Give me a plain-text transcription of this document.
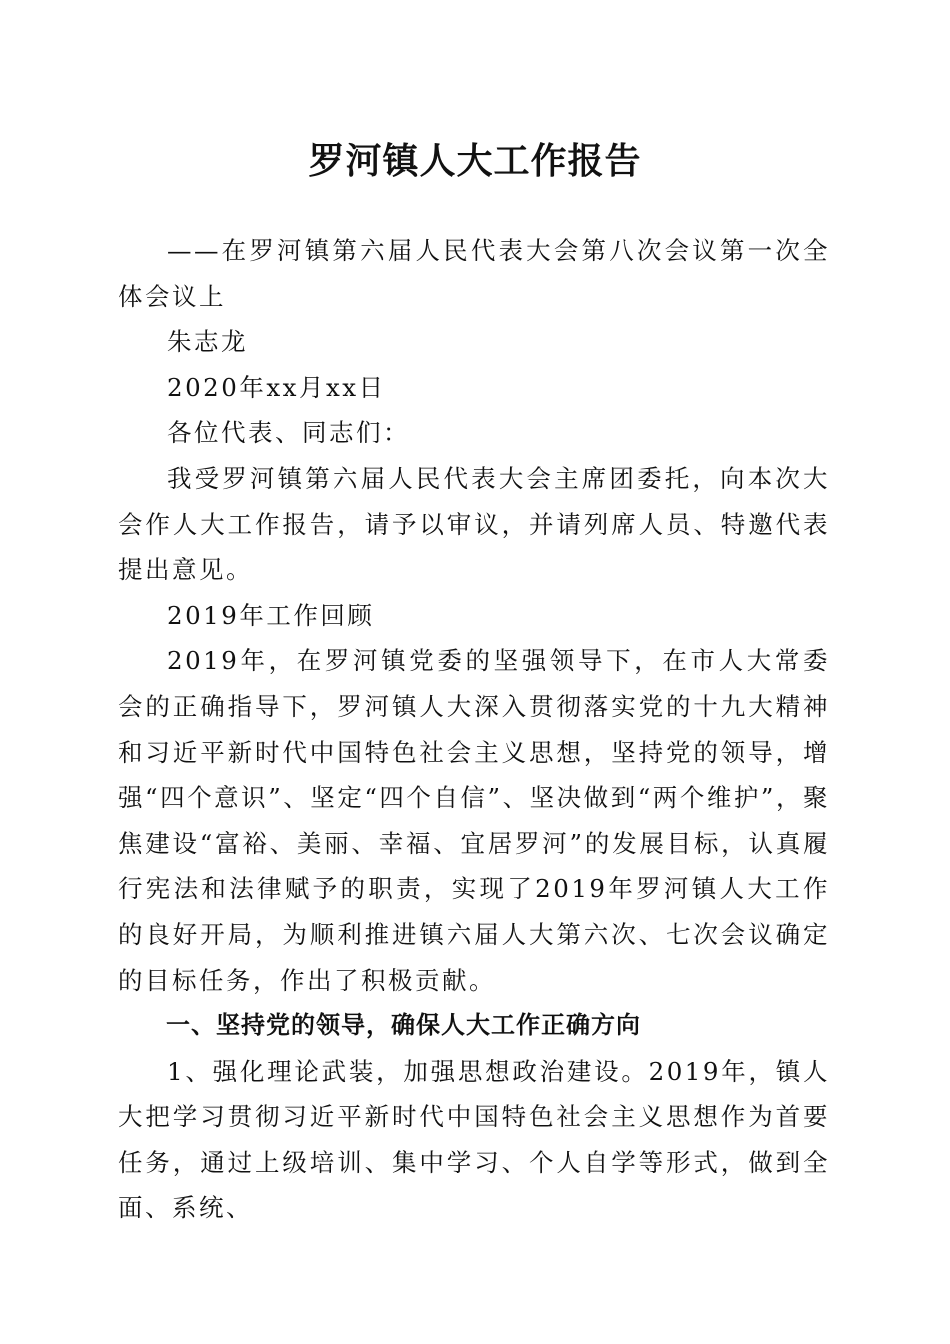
罗河镇人大工作报告

——在罗河镇第六届人民代表大会第八次会议第一次全体会议上

朱志龙

2020年xx月xx日

各位代表、同志们：

我受罗河镇第六届人民代表大会主席团委托，向本次大会作人大工作报告，请予以审议，并请列席人员、特邀代表提出意见。

2019年工作回顾

2019年，在罗河镇党委的坚强领导下，在市人大常委会的正确指导下，罗河镇人大深入贯彻落实党的十九大精神和习近平新时代中国特色社会主义思想，坚持党的领导，增强“四个意识”、坚定“四个自信”、坚决做到“两个维护”，聚焦建设“富裕、美丽、幸福、宜居罗河”的发展目标，认真履行宪法和法律赋予的职责，实现了2019年罗河镇人大工作的良好开局，为顺利推进镇六届人大第六次、七次会议确定的目标任务，作出了积极贡献。

一、坚持党的领导，确保人大工作正确方向

1、强化理论武装，加强思想政治建设。2019年，镇人大把学习贯彻习近平新时代中国特色社会主义思想作为首要任务，通过上级培训、集中学习、个人自学等形式，做到全面、系统、
